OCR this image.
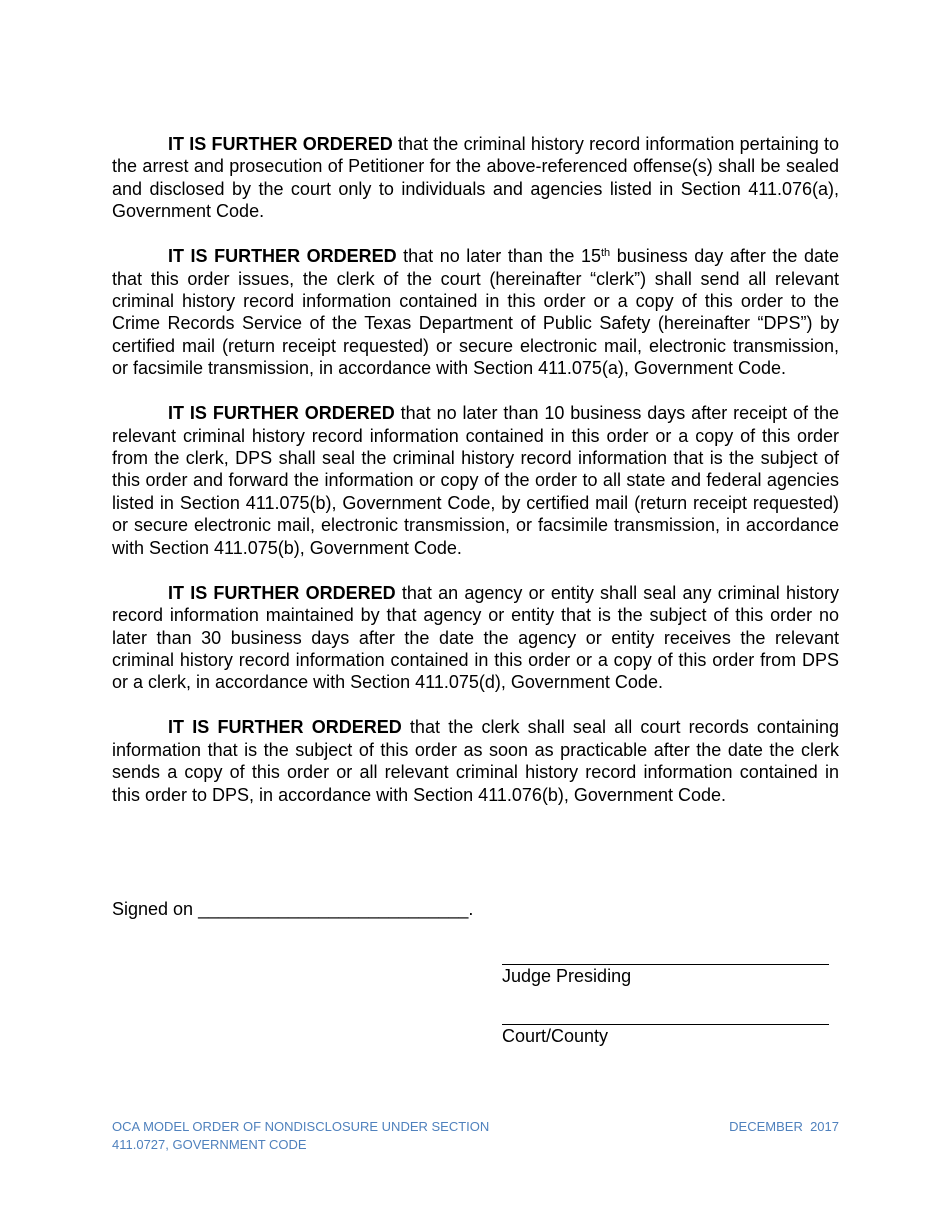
IT IS FURTHER ORDERED that the criminal history record information pertaining to the arrest and prosecution of Petitioner for the above-referenced offense(s) shall be sealed and disclosed by the court only to individuals and agencies listed in Section 411.076(a), Government Code.

IT IS FURTHER ORDERED that no later than the 15th business day after the date that this order issues, the clerk of the court (hereinafter “clerk”) shall send all relevant criminal history record information contained in this order or a copy of this order to the Crime Records Service of the Texas Department of Public Safety (hereinafter “DPS”) by certified mail (return receipt requested) or secure electronic mail, electronic transmission, or facsimile transmission, in accordance with Section 411.075(a), Government Code.

IT IS FURTHER ORDERED that no later than 10 business days after receipt of the relevant criminal history record information contained in this order or a copy of this order from the clerk, DPS shall seal the criminal history record information that is the subject of this order and forward the information or copy of the order to all state and federal agencies listed in Section 411.075(b), Government Code, by certified mail (return receipt requested) or secure electronic mail, electronic transmission, or facsimile transmission, in accordance with Section 411.075(b), Government Code.

IT IS FURTHER ORDERED that an agency or entity shall seal any criminal history record information maintained by that agency or entity that is the subject of this order no later than 30 business days after the date the agency or entity receives the relevant criminal history record information contained in this order or a copy of this order from DPS or a clerk, in accordance with Section 411.075(d), Government Code.

IT IS FURTHER ORDERED that the clerk shall seal all court records containing information that is the subject of this order as soon as practicable after the date the clerk sends a copy of this order or all relevant criminal history record information contained in this order to DPS, in accordance with Section 411.076(b), Government Code.

Signed on ___________________________.
Judge Presiding
Court/County
OCA MODEL ORDER OF NONDISCLOSURE UNDER SECTION
411.0727, GOVERNMENT CODE
DECEMBER  2017
